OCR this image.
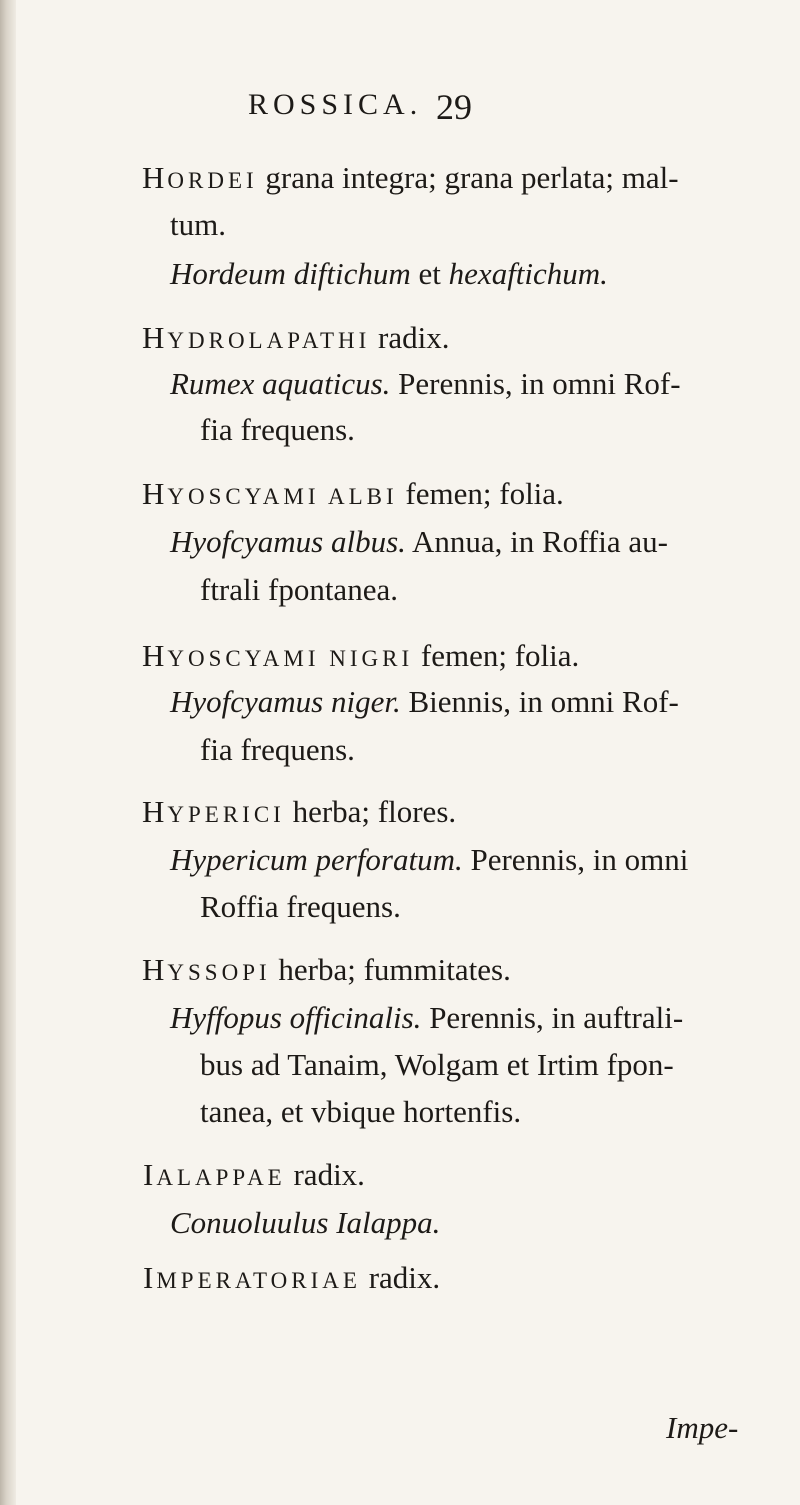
ROSSICA. 29
HORDEI grana integra; grana perlata; mal-
tum.
Hordeum diftichum et hexaftichum.
HYDROLAPATHI radix.
Rumex aquaticus. Perennis, in omni Rof-
fia frequens.
HYOSCYAMI ALBI femen; folia.
Hyofcyamus albus. Annua, in Roffia au-
ftrali fpontanea.
HYOSCYAMI NIGRI femen; folia.
Hyofcyamus niger. Biennis, in omni Rof-
fia frequens.
HYPERICI herba; flores.
Hypericum perforatum. Perennis, in omni
Roffia frequens.
HYSSOPI herba; fummitates.
Hyffopus officinalis. Perennis, in auftrali-
bus ad Tanaim, Wolgam et Irtim fpon-
tanea, et vbique hortenfis.
IALAPPAE radix.
Conuoluulus Ialappa.
IMPERATORIAE radix.
Impe-
